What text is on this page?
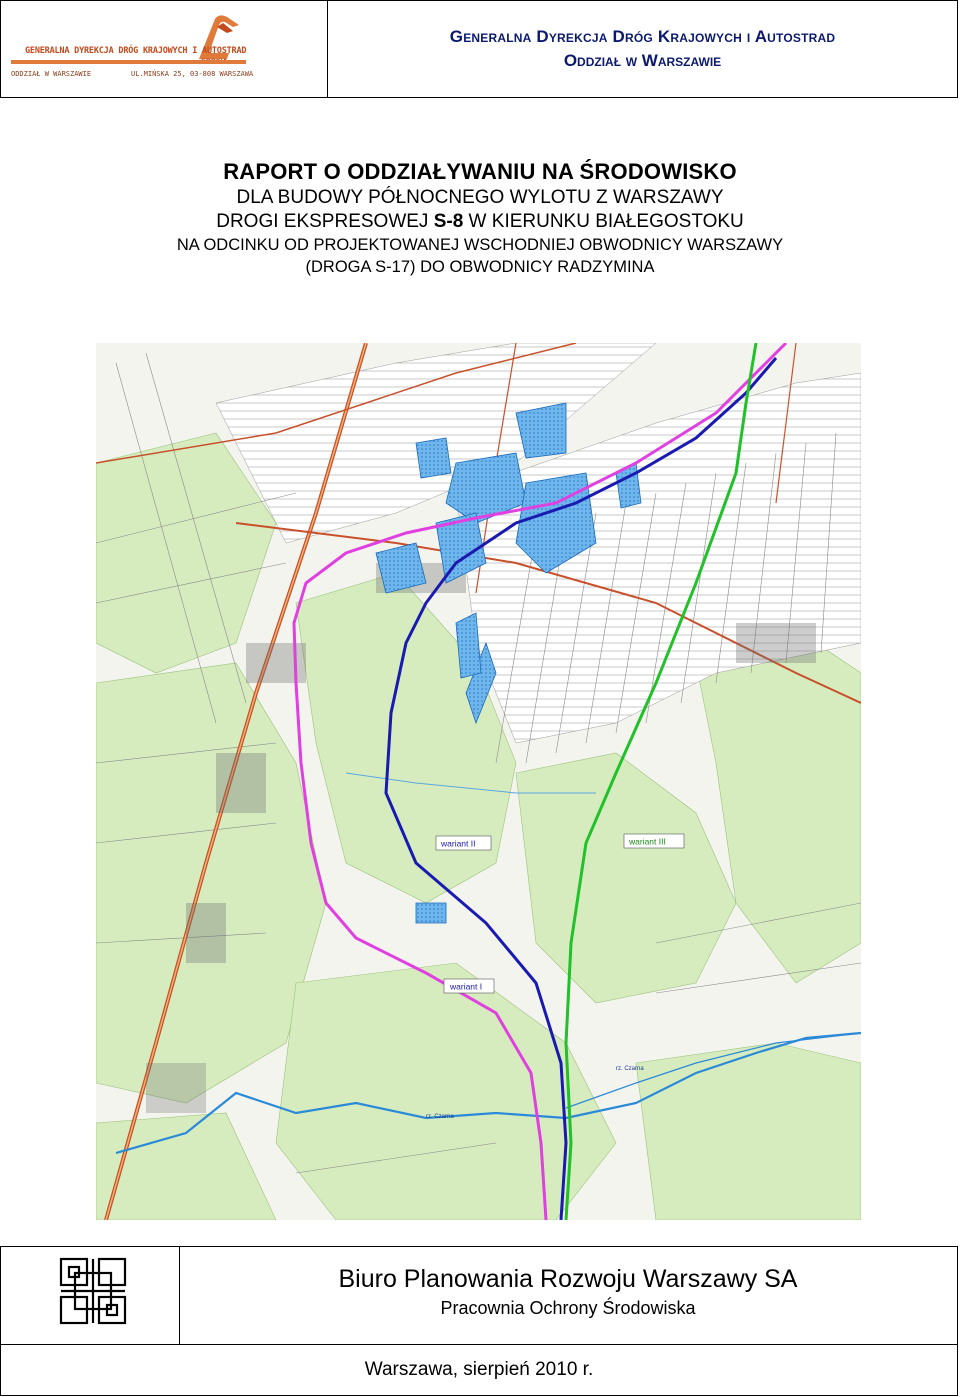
GENERALNA DYREKCJA DRÓG KRAJOWYCH I AUTOSTRAD
ODDZIAŁ W WARSZAWIE	UL.MIŃSKA 25, 03-808 WARSZAWA
Generalna Dyrekcja Dróg Krajowych i Autostrad
Oddział w Warszawie
RAPORT O ODDZIAŁYWANIU NA ŚRODOWISKO
DLA BUDOWY PÓŁNOCNEGO WYLOTU Z WARSZAWY
DROGI EKSPRESOWEJ S-8 W KIERUNKU BIAŁEGOSTOKU
NA ODCINKU OD PROJEKTOWANEJ WSCHODNIEJ OBWODNICY WARSZAWY
(DROGA S-17) DO OBWODNICY RADZYMINA
wariant II	wariant III
wariant I
rz. Czarna
rz. Czarna
Biuro Planowania Rozwoju Warszawy SA
Pracownia Ochrony Środowiska
Warszawa, sierpień 2010 r.
